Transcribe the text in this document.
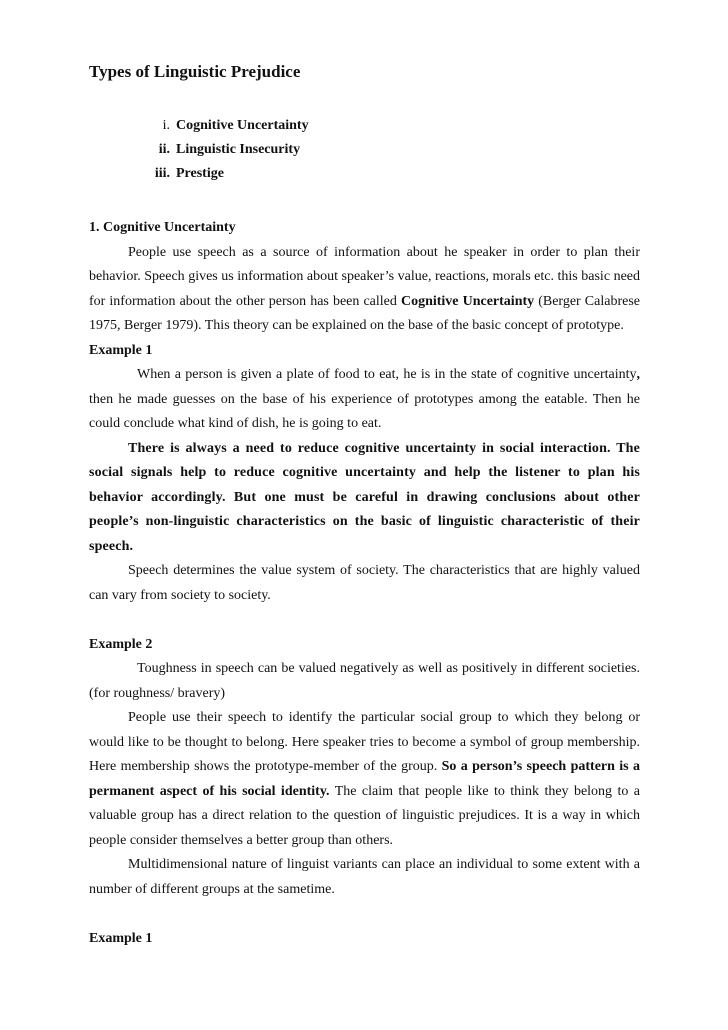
Types of Linguistic Prejudice
i. Cognitive Uncertainty
ii. Linguistic Insecurity
iii. Prestige

1. Cognitive Uncertainty

People use speech as a source of information about he speaker in order to plan their behavior. Speech gives us information about speaker’s value, reactions, morals etc. this basic need for information about the other person has been called Cognitive Uncertainty (Berger Calabrese 1975, Berger 1979). This theory can be explained on the base of the basic concept of prototype.

Example 1

When a person is given a plate of food to eat, he is in the state of cognitive uncertainty, then he made guesses on the base of his experience of prototypes among the eatable. Then he could conclude what kind of dish, he is going to eat.

There is always a need to reduce cognitive uncertainty in social interaction. The social signals help to reduce cognitive uncertainty and help the listener to plan his behavior accordingly. But one must be careful in drawing conclusions about other people’s non-linguistic characteristics on the basic of linguistic characteristic of their speech.

Speech determines the value system of society. The characteristics that are highly valued can vary from society to society.

Example 2

Toughness in speech can be valued negatively as well as positively in different societies.(for roughness/ bravery)

People use their speech to identify the particular social group to which they belong or would like to be thought to belong. Here speaker tries to become a symbol of group membership. Here membership shows the prototype-member of the group. So a person’s speech pattern is a permanent aspect of his social identity. The claim that people like to think they belong to a valuable group has a direct relation to the question of linguistic prejudices. It is a way in which people consider themselves a better group than others.

Multidimensional nature of linguist variants can place an individual to some extent with a number of different groups at the sametime.

Example 1
